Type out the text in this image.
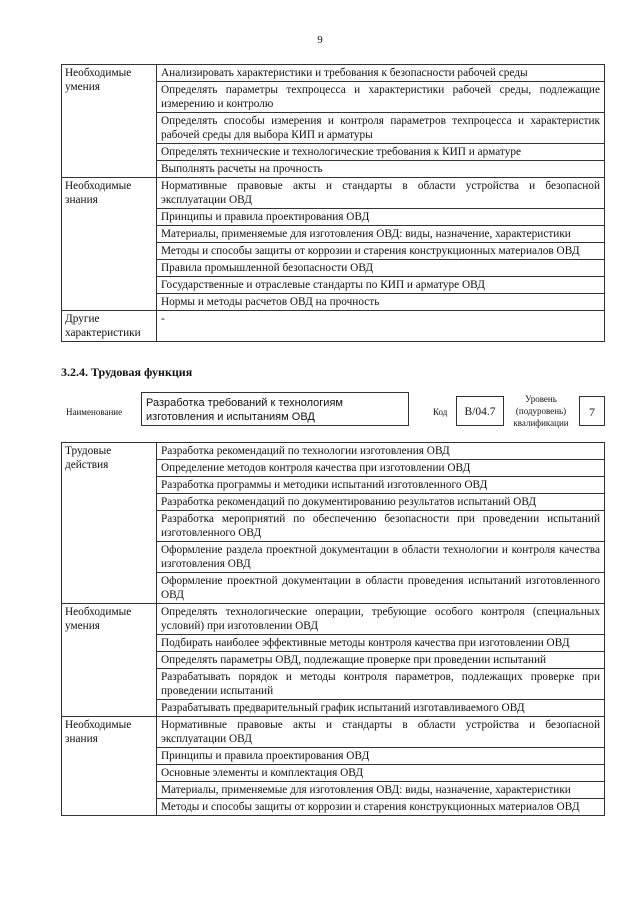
9
Необходимые умения	Анализировать характеристики и требования к безопасности рабочей среды
	Определять параметры техпроцесса и характеристики рабочей среды, подлежащие измерению и контролю
	Определять способы измерения и контроля параметров техпроцесса и характеристик рабочей среды для выбора КИП и арматуры
	Определять технические и технологические требования к КИП и арматуре
	Выполнять расчеты на прочность
Необходимые знания	Нормативные правовые акты и стандарты в области устройства и безопасной эксплуатации ОВД
	Принципы и правила проектирования ОВД
	Материалы, применяемые для изготовления ОВД: виды, назначение, характеристики
	Методы и способы защиты от коррозии и старения конструкционных материалов ОВД
	Правила промышленной безопасности ОВД
	Государственные и отраслевые стандарты по КИП и арматуре ОВД
	Нормы и методы расчетов ОВД на прочность
Другие характеристики	-
3.2.4. Трудовая функция
Наименование
Разработка требований к технологиям изготовления и испытаниям ОВД	Код	B/04.7
Уровень (подуровень) квалификации
7
Трудовые действия	Разработка рекомендаций по технологии изготовления ОВД
	Определение методов контроля качества при изготовлении ОВД
	Разработка программы и методики испытаний изготовленного ОВД
	Разработка рекомендаций по документированию результатов испытаний ОВД
	Разработка мероприятий по обеспечению безопасности при проведении испытаний изготовленного ОВД
	Оформление раздела проектной документации в области технологии и контроля качества изготовления ОВД
	Оформление проектной документации в области проведения испытаний изготовленного ОВД
Необходимые умения	Определять технологические операции, требующие особого контроля (специальных условий) при изготовлении ОВД
	Подбирать наиболее эффективные методы контроля качества при изготовлении ОВД
	Определять параметры ОВД, подлежащие проверке при проведении испытаний
	Разрабатывать порядок и методы контроля параметров, подлежащих проверке при проведении испытаний
	Разрабатывать предварительный график испытаний изготавливаемого ОВД
Необходимые знания	Нормативные правовые акты и стандарты в области устройства и безопасной эксплуатации ОВД
	Принципы и правила проектирования ОВД
	Основные элементы и комплектация ОВД
	Материалы, применяемые для изготовления ОВД: виды, назначение, характеристики
	Методы и способы защиты от коррозии и старения конструкционных материалов ОВД
